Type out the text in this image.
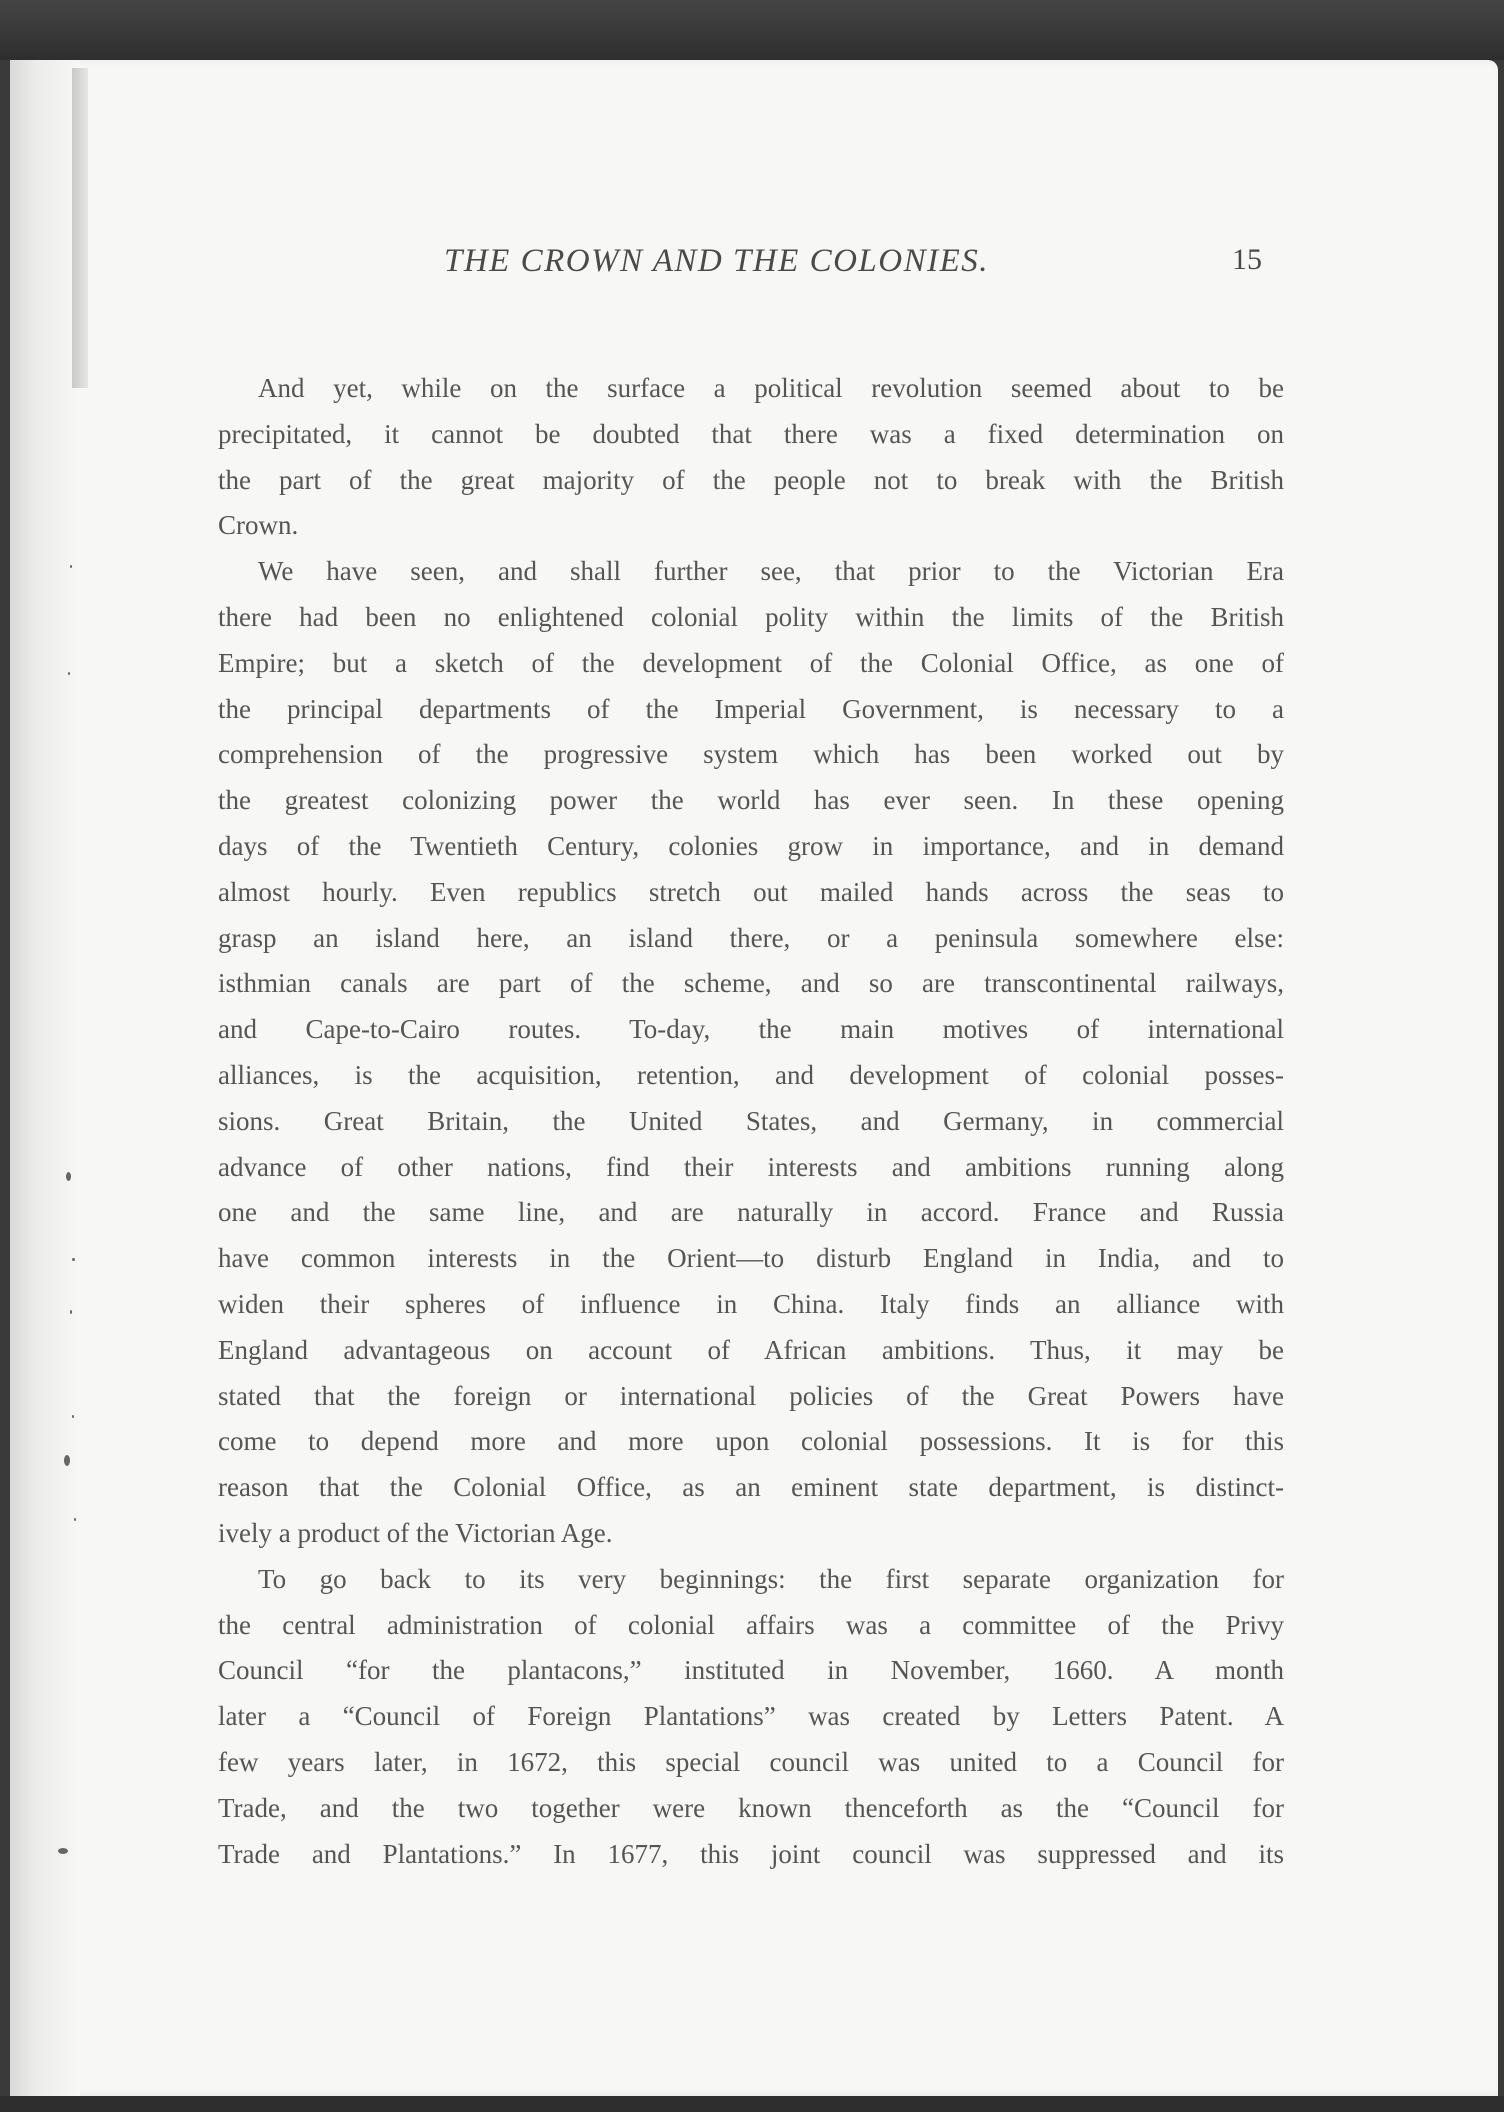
THE CROWN AND THE COLONIES.	15
And yet, while on the surface a political revolution seemed about to be
precipitated, it cannot be doubted that there was a fixed determination on
the part of the great majority of the people not to break with the British
Crown.
We have seen, and shall further see, that prior to the Victorian Era
there had been no enlightened colonial polity within the limits of the British
Empire; but a sketch of the development of the Colonial Office, as one of
the principal departments of the Imperial Government, is necessary to a
comprehension of the progressive system which has been worked out by
the greatest colonizing power the world has ever seen. In these opening
days of the Twentieth Century, colonies grow in importance, and in demand
almost hourly. Even republics stretch out mailed hands across the seas to
grasp an island here, an island there, or a peninsula somewhere else:
isthmian canals are part of the scheme, and so are transcontinental railways,
and Cape-to-Cairo routes. To-day, the main motives of international
alliances, is the acquisition, retention, and development of colonial posses-
sions. Great Britain, the United States, and Germany, in commercial
advance of other nations, find their interests and ambitions running along
one and the same line, and are naturally in accord. France and Russia
have common interests in the Orient—to disturb England in India, and to
widen their spheres of influence in China. Italy finds an alliance with
England advantageous on account of African ambitions. Thus, it may be
stated that the foreign or international policies of the Great Powers have
come to depend more and more upon colonial possessions. It is for this
reason that the Colonial Office, as an eminent state department, is distinct-
ively a product of the Victorian Age.
To go back to its very beginnings: the first separate organization for
the central administration of colonial affairs was a committee of the Privy
Council “for the plantacons,” instituted in November, 1660. A month
later a “Council of Foreign Plantations” was created by Letters Patent. A
few years later, in 1672, this special council was united to a Council for
Trade, and the two together were known thenceforth as the “Council for
Trade and Plantations.” In 1677, this joint council was suppressed and its
